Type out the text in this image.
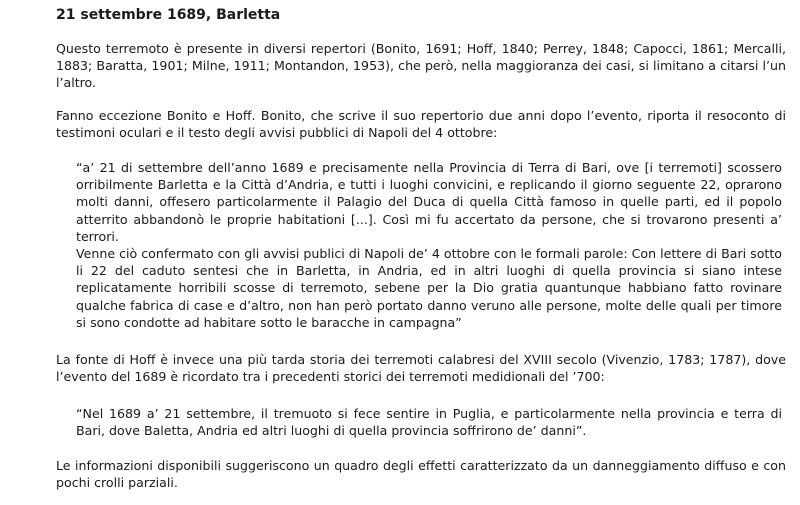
21 settembre 1689, Barletta
Questo terremoto è presente in diversi repertori (Bonito, 1691; Hoff, 1840; Perrey, 1848; Capocci, 1861; Mercalli, 1883; Baratta, 1901; Milne, 1911; Montandon, 1953), che però, nella maggioranza dei casi, si limitano a citarsi l’un l’altro.
Fanno eccezione Bonito e Hoff. Bonito, che scrive il suo repertorio due anni dopo l’evento, riporta il resoconto di testimoni oculari e il testo degli avvisi pubblici di Napoli del 4 ottobre:
“a’ 21 di settembre dell’anno 1689 e precisamente nella Provincia di Terra di Bari, ove [i terremoti] scossero orribilmente Barletta e la Città d’Andria, e tutti i luoghi convicini, e replicando il giorno seguente 22, oprarono molti danni, offesero particolarmente il Palagio del Duca di quella Città famoso in quelle parti, ed il popolo atterrito abbandonò le proprie habitationi [...]. Così mi fu accertato da persone, che si trovarono presenti a’ terrori.
Venne ciò confermato con gli avvisi publici di Napoli de’ 4 ottobre con le formali parole: Con lettere di Bari sotto li 22 del caduto sentesi che in Barletta, in Andria, ed in altri luoghi di quella provincia si siano intese replicatamente horribili scosse di terremoto, sebene per la Dio gratia quantunque habbiano fatto rovinare qualche fabrica di case e d’altro, non han però portato danno veruno alle persone, molte delle quali per timore si sono condotte ad habitare sotto le baracche in campagna”
La fonte di Hoff è invece una più tarda storia dei terremoti calabresi del XVIII secolo (Vivenzio, 1783; 1787), dove l’evento del 1689 è ricordato tra i precedenti storici dei terremoti medidionali del ’700:
“Nel 1689 a’ 21 settembre, il tremuoto si fece sentire in Puglia, e particolarmente nella provincia e terra di Bari, dove Baletta, Andria ed altri luoghi di quella provincia soffrirono de’ danni”.
Le informazioni disponibili suggeriscono un quadro degli effetti caratterizzato da un danneggiamento diffuso e con pochi crolli parziali.
